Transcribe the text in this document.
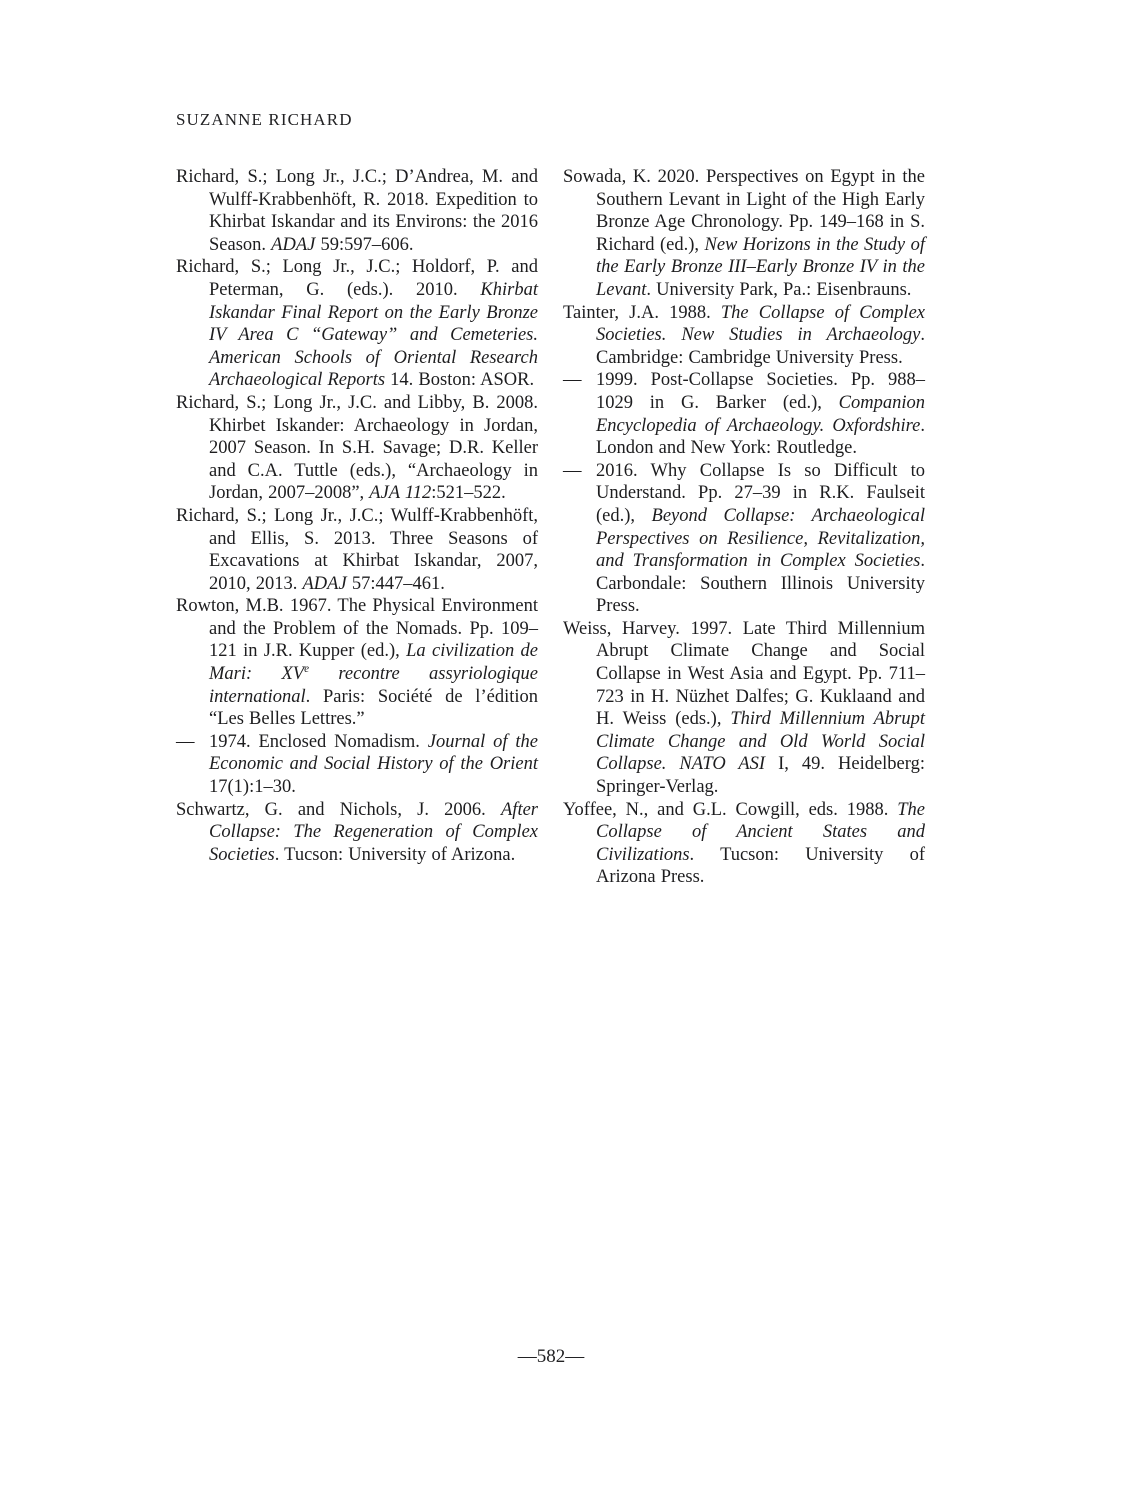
SUZANNE RICHARD

Richard, S.; Long Jr., J.C.; D’Andrea, M. and Wulff-Krabbenhöft, R. 2018. Expedition to Khirbat Iskandar and its Environs: the 2016 Season. ADAJ 59:597–606.

Richard, S.; Long Jr., J.C.; Holdorf, P. and Peterman, G. (eds.). 2010. Khirbat Iskandar Final Report on the Early Bronze IV Area C “Gateway” and Cemeteries. American Schools of Oriental Research Archaeological Reports 14. Boston: ASOR.

Richard, S.; Long Jr., J.C. and Libby, B. 2008. Khirbet Iskander: Archaeology in Jordan, 2007 Season. In S.H. Savage; D.R. Keller and C.A. Tuttle (eds.), “Archaeology in Jordan, 2007–2008”, AJA 112:521–522.

Richard, S.; Long Jr., J.C.; Wulff-Krabbenhöft, and Ellis, S. 2013. Three Seasons of Excavations at Khirbat Iskandar, 2007, 2010, 2013. ADAJ 57:447–461.

Rowton, M.B. 1967. The Physical Environment and the Problem of the Nomads. Pp. 109–121 in J.R. Kupper (ed.), La civilization de Mari: XVe recontre assyriologique international. Paris: Société de l’édition “Les Belles Lettres.”

— 1974. Enclosed Nomadism. Journal of the Economic and Social History of the Orient 17(1):1–30.

Schwartz, G. and Nichols, J. 2006. After Collapse: The Regeneration of Complex Societies. Tucson: University of Arizona.

Sowada, K. 2020. Perspectives on Egypt in the Southern Levant in Light of the High Early Bronze Age Chronology. Pp. 149–168 in S. Richard (ed.), New Horizons in the Study of the Early Bronze III–Early Bronze IV in the Levant. University Park, Pa.: Eisenbrauns.

Tainter, J.A. 1988. The Collapse of Complex Societies. New Studies in Archaeology. Cambridge: Cambridge University Press.

— 1999. Post-Collapse Societies. Pp. 988–1029 in G. Barker (ed.), Companion Encyclopedia of Archaeology. Oxfordshire. London and New York: Routledge.

— 2016. Why Collapse Is so Difficult to Understand. Pp. 27–39 in R.K. Faulseit (ed.), Beyond Collapse: Archaeological Perspectives on Resilience, Revitalization, and Transformation in Complex Societies. Carbondale: Southern Illinois University Press.

Weiss, Harvey. 1997. Late Third Millennium Abrupt Climate Change and Social Collapse in West Asia and Egypt. Pp. 711–723 in H. Nüzhet Dalfes; G. Kuklaand and H. Weiss (eds.), Third Millennium Abrupt Climate Change and Old World Social Collapse. NATO ASI I, 49. Heidelberg: Springer-Verlag.

Yoffee, N., and G.L. Cowgill, eds. 1988. The Collapse of Ancient States and Civilizations. Tucson: University of Arizona Press.

—582—
